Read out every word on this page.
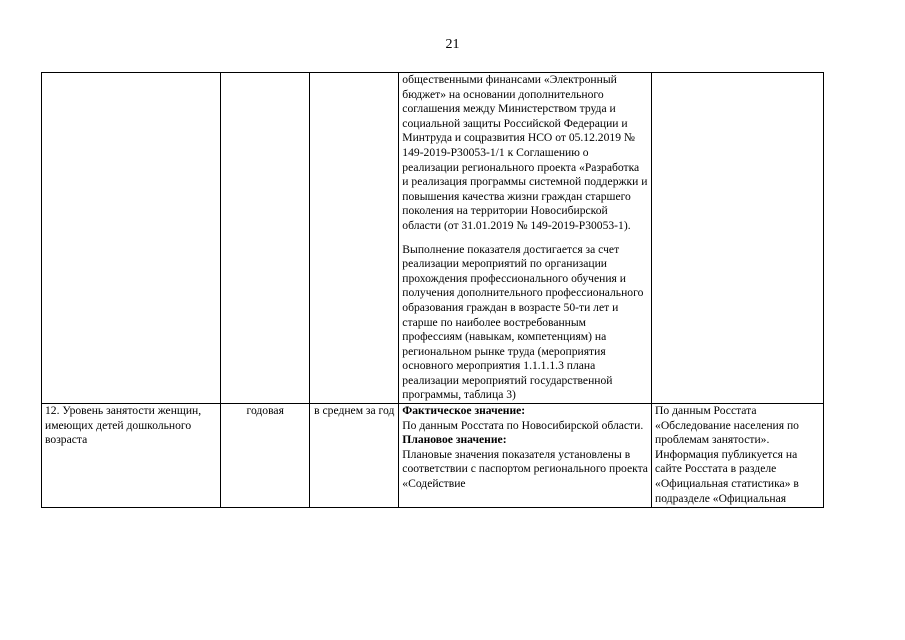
21

			общественными финансами «Электронный бюджет» на основании дополнительного соглашения между Министерством труда и социальной защиты Российской Федерации и Минтруда и соцразвития НСО от 05.12.2019 № 149-2019-Р30053-1/1 к Соглашению о реализации регионального проекта «Разработка и реализация программы системной поддержки и повышения качества жизни граждан старшего поколения на территории Новосибирской области (от 31.01.2019 № 149-2019-Р30053-1).

Выполнение показателя достигается за счет реализации мероприятий по организации прохождения профессионального обучения и получения дополнительного профессионального образования граждан в возрасте 50-ти лет и старше по наиболее востребованным профессиям (навыкам, компетенциям) на региональном рынке труда (мероприятия основного мероприятия 1.1.1.1.3 плана реализации мероприятий государственной программы, таблица 3)	

12. Уровень занятости женщин, имеющих детей дошкольного возраста	годовая	в среднем за год	Фактическое значение:

По данным Росстата по Новосибирской области.

Плановое значение:

Плановые значения показателя установлены в соответствии с паспортом регионального проекта «Содействие	По данным Росстата «Обследование населения по проблемам занятости». Информация публикуется на сайте Росстата в разделе «Официальная статистика» в подразделе «Официальная
